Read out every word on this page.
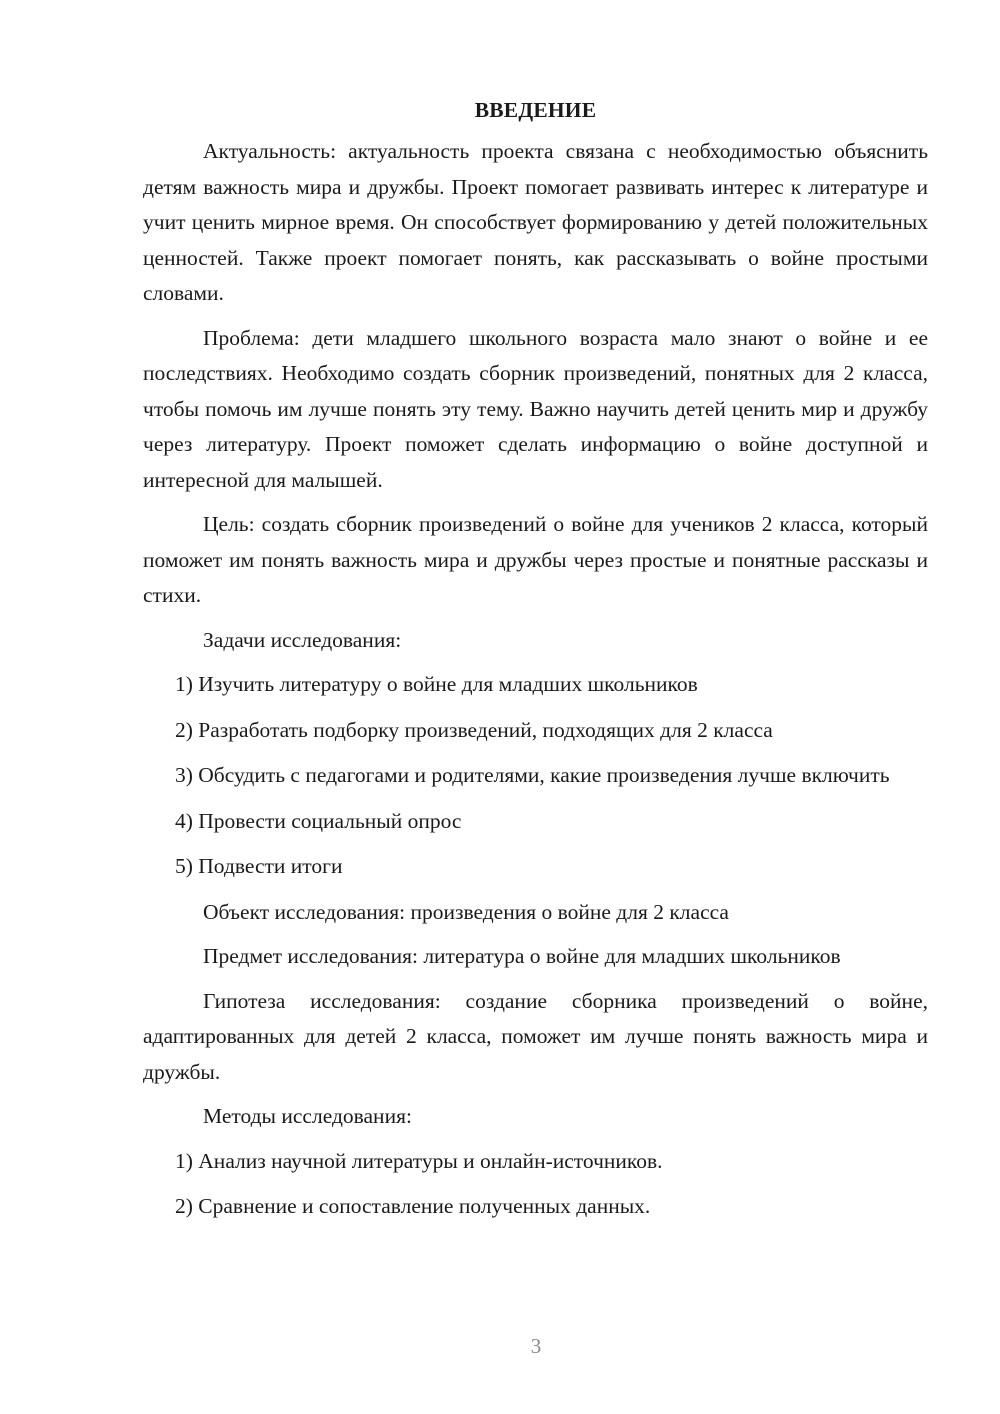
ВВЕДЕНИЕ

Актуальность: актуальность проекта связана с необходимостью объяснить детям важность мира и дружбы. Проект помогает развивать интерес к литературе и учит ценить мирное время. Он способствует формированию у детей положительных ценностей. Также проект помогает понять, как рассказывать о войне простыми словами.

Проблема: дети младшего школьного возраста мало знают о войне и ее последствиях. Необходимо создать сборник произведений, понятных для 2 класса, чтобы помочь им лучше понять эту тему. Важно научить детей ценить мир и дружбу через литературу. Проект поможет сделать информацию о войне доступной и интересной для малышей.

Цель: создать сборник произведений о войне для учеников 2 класса, который поможет им понять важность мира и дружбы через простые и понятные рассказы и стихи.

Задачи исследования:

1) Изучить литературу о войне для младших школьников

2) Разработать подборку произведений, подходящих для 2 класса

3) Обсудить с педагогами и родителями, какие произведения лучше включить

4) Провести социальный опрос

5) Подвести итоги

Объект исследования: произведения о войне для 2 класса

Предмет исследования: литература о войне для младших школьников

Гипотеза исследования: создание сборника произведений о войне, адаптированных для детей 2 класса, поможет им лучше понять важность мира и дружбы.

Методы исследования:

1) Анализ научной литературы и онлайн-источников.

2) Сравнение и сопоставление полученных данных.

3
